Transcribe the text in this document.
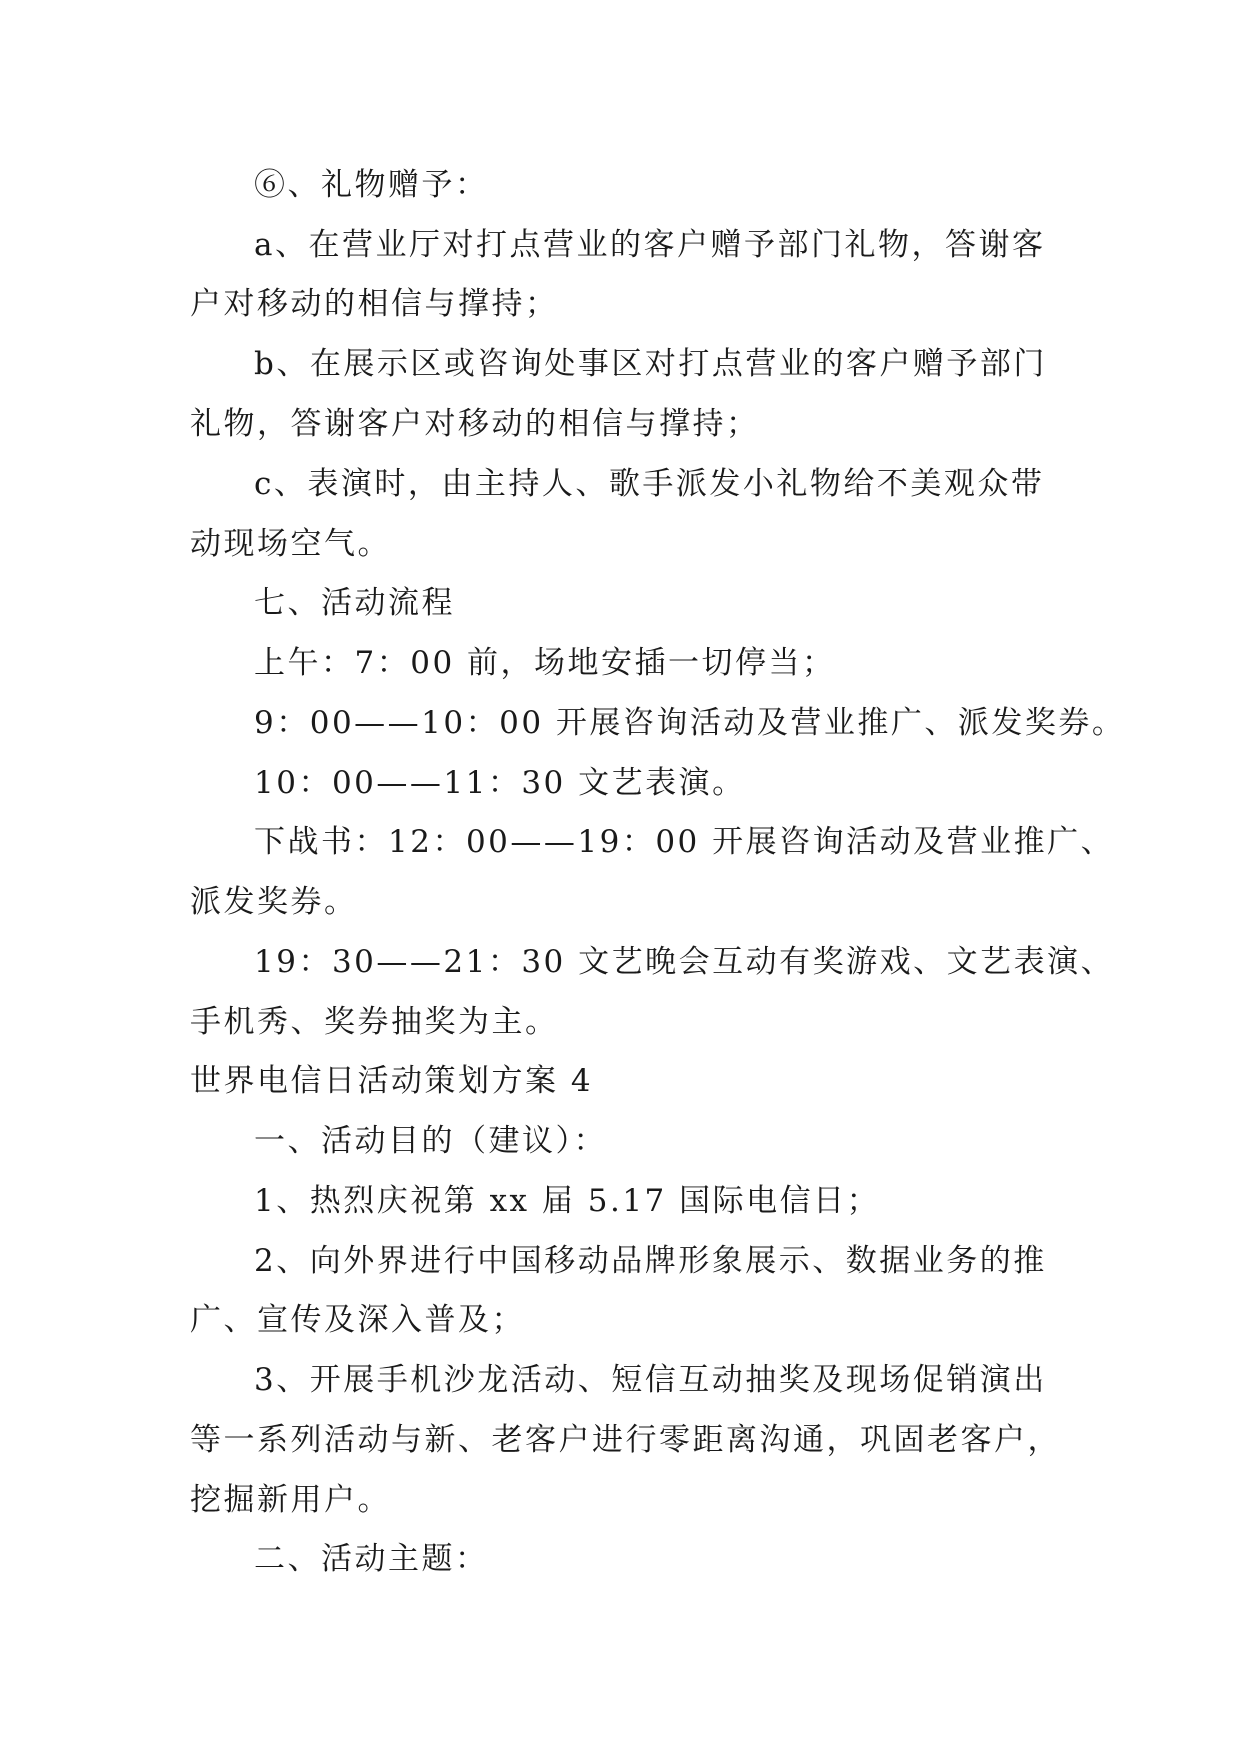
⑥、礼物赠予：
a、在营业厅对打点营业的客户赠予部门礼物，答谢客
户对移动的相信与撑持；
b、在展示区或咨询处事区对打点营业的客户赠予部门
礼物，答谢客户对移动的相信与撑持；
c、表演时，由主持人、歌手派发小礼物给不美观众带
动现场空气。
七、活动流程
上午：7：00 前，场地安插一切停当；
9：00——10：00 开展咨询活动及营业推广、派发奖券。
10：00——11：30 文艺表演。
下战书：12：00——19：00 开展咨询活动及营业推广、
派发奖券。
19：30——21：30 文艺晚会互动有奖游戏、文艺表演、
手机秀、奖券抽奖为主。
世界电信日活动策划方案 4
一、活动目的（建议）：
1、热烈庆祝第 xx 届 5.17 国际电信日；
2、向外界进行中国移动品牌形象展示、数据业务的推
广、宣传及深入普及；
3、开展手机沙龙活动、短信互动抽奖及现场促销演出
等一系列活动与新、老客户进行零距离沟通，巩固老客户，
挖掘新用户。
二、活动主题：
